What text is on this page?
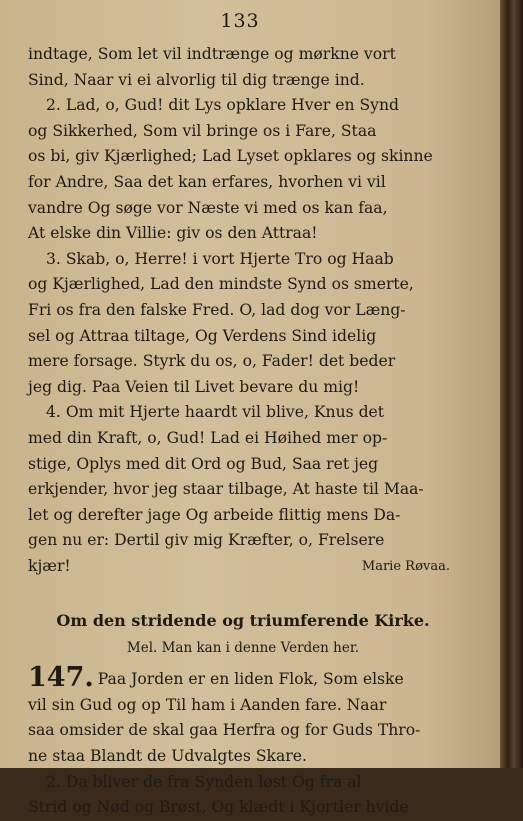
133
indtage, Som let vil indtrænge og mørkne vort
Sind, Naar vi ei alvorlig til dig trænge ind.
2. Lad, o, Gud! dit Lys opklare Hver en Synd
og Sikkerhed, Som vil bringe os i Fare, Staa
os bi, giv Kjærlighed; Lad Lyset opklares og skinne
for Andre, Saa det kan erfares, hvorhen vi vil
vandre Og søge vor Næste vi med os kan faa,
At elske din Villie: giv os den Attraa!
3. Skab, o, Herre! i vort Hjerte Tro og Haab
og Kjærlighed, Lad den mindste Synd os smerte,
Fri os fra den falske Fred. O, lad dog vor Læng-
sel og Attraa tiltage, Og Verdens Sind idelig
mere forsage. Styrk du os, o, Fader! det beder
jeg dig. Paa Veien til Livet bevare du mig!
4. Om mit Hjerte haardt vil blive, Knus det
med din Kraft, o, Gud! Lad ei Høihed mer op-
stige, Oplys med dit Ord og Bud, Saa ret jeg
erkjender, hvor jeg staar tilbage, At haste til Maa-
let og derefter jage Og arbeide flittig mens Da-
gen nu er: Dertil giv mig Kræfter, o, Frelsere
kjær!	Marie Røvaa.
Om den stridende og triumferende Kirke.
Mel. Man kan i denne Verden her.
147. Paa Jorden er en liden Flok, Som elske
vil sin Gud og op Til ham i Aanden fare. Naar
saa omsider de skal gaa Herfra og for Guds Thro-
ne staa Blandt de Udvalgtes Skare.
2. Da bliver de fra Synden løst Og fra al
Strid og Nød og Brøst, Og klædt i Kjortler hvide
